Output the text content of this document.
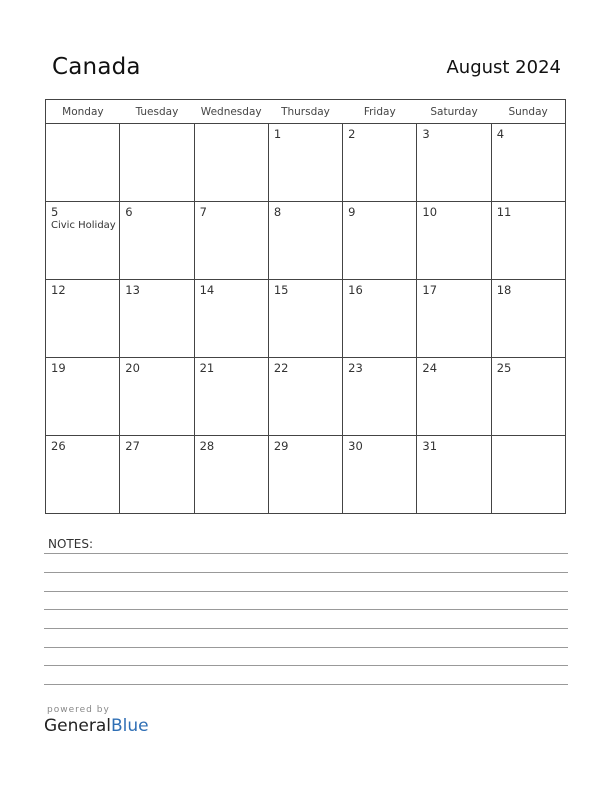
Canada	August 2024
Monday	Tuesday	Wednesday	Thursday	Friday	Saturday	Sunday

			1	2	3	4

5
Civic Holiday	6	7	8	9	10	11

12	13	14	15	16	17	18

19	20	21	22	23	24	25

26	27	28	29	30	31	

NOTES:
powered by
GeneralBlue
